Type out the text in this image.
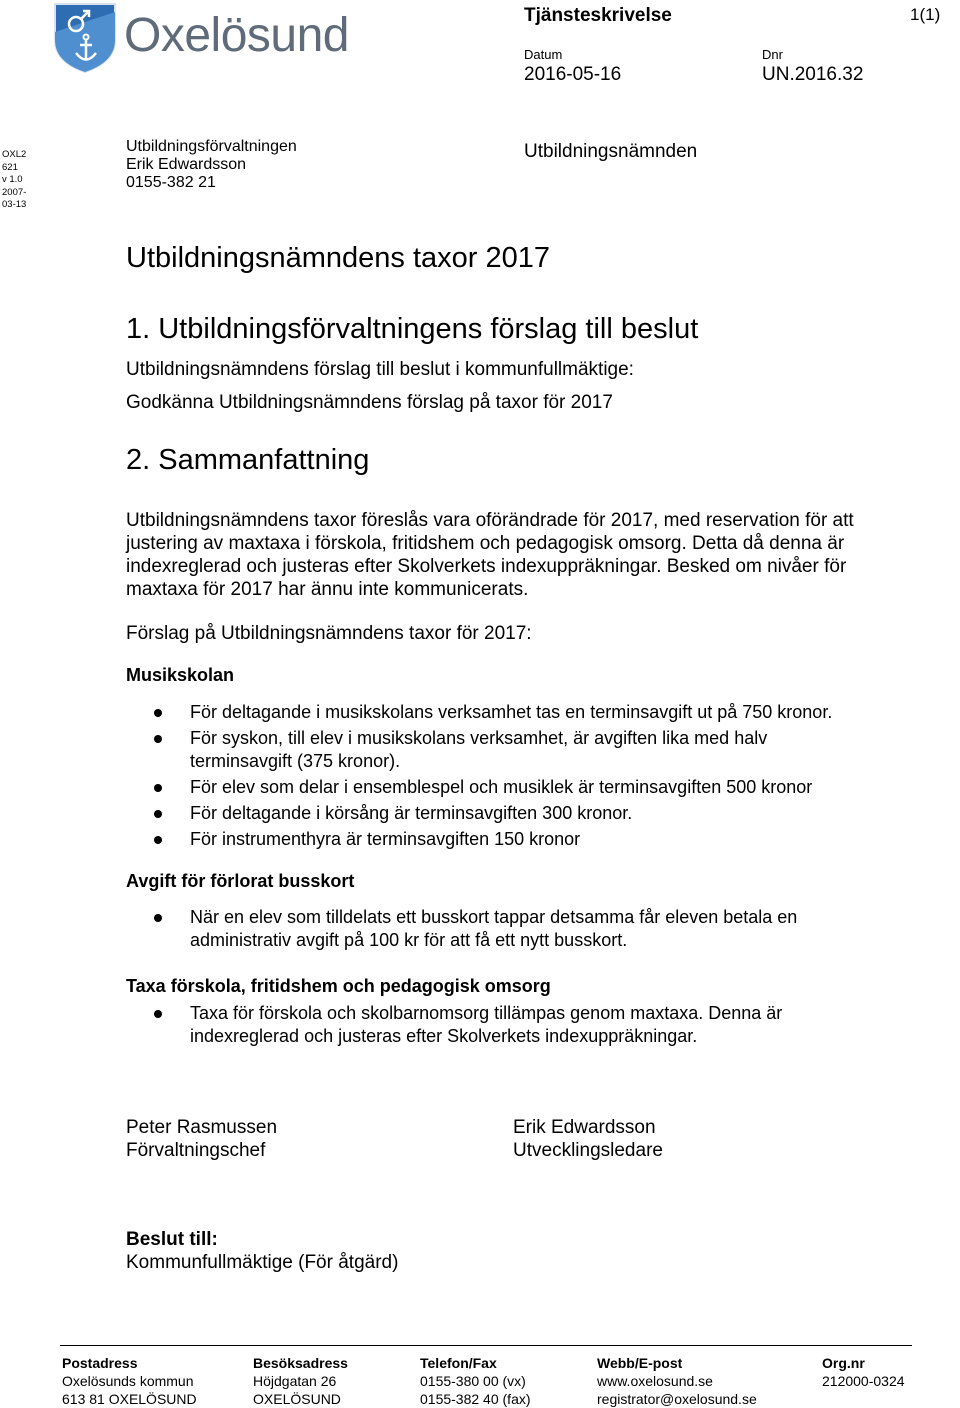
Oxelösund	Tjänsteskrivelse	1(1)
Datum
2016-05-16
Dnr
UN.2016.32
OXL2
621
v 1.0
2007-
03-13
Utbildningsförvaltningen
Erik Edwardsson
0155-382 21
Utbildningsnämnden
Utbildningsnämndens taxor 2017
1. Utbildningsförvaltningens förslag till beslut
Utbildningsnämndens förslag till beslut i kommunfullmäktige:
Godkänna Utbildningsnämndens förslag på taxor för 2017
2. Sammanfattning
Utbildningsnämndens taxor föreslås vara oförändrade för 2017, med reservation för att
justering av maxtaxa i förskola, fritidshem och pedagogisk omsorg. Detta då denna är
indexreglerad och justeras efter Skolverkets indexuppräkningar. Besked om nivåer för
maxtaxa för 2017 har ännu inte kommunicerats.
Förslag på Utbildningsnämndens taxor för 2017:
Musikskolan
För deltagande i musikskolans verksamhet tas en terminsavgift ut på 750 kronor.
För syskon, till elev i musikskolans verksamhet, är avgiften lika med halv
terminsavgift (375 kronor).
För elev som delar i ensemblespel och musiklek är terminsavgiften 500 kronor
För deltagande i körsång är terminsavgiften 300 kronor.
För instrumenthyra är terminsavgiften 150 kronor
Avgift för förlorat busskort
När en elev som tilldelats ett busskort tappar detsamma får eleven betala en
administrativ avgift på 100 kr för att få ett nytt busskort.
Taxa förskola, fritidshem och pedagogisk omsorg
Taxa för förskola och skolbarnomsorg tillämpas genom maxtaxa. Denna är
indexreglerad och justeras efter Skolverkets indexuppräkningar.
Peter Rasmussen
Förvaltningschef
Erik Edwardsson
Utvecklingsledare
Beslut till:
Kommunfullmäktige (För åtgärd)
Postadress
Oxelösunds kommun
613 81 OXELÖSUND
Besöksadress
Höjdgatan 26
OXELÖSUND
Telefon/Fax
0155-380 00 (vx)
0155-382 40 (fax)
Webb/E-post
www.oxelosund.se
registrator@oxelosund.se
Org.nr
212000-0324
